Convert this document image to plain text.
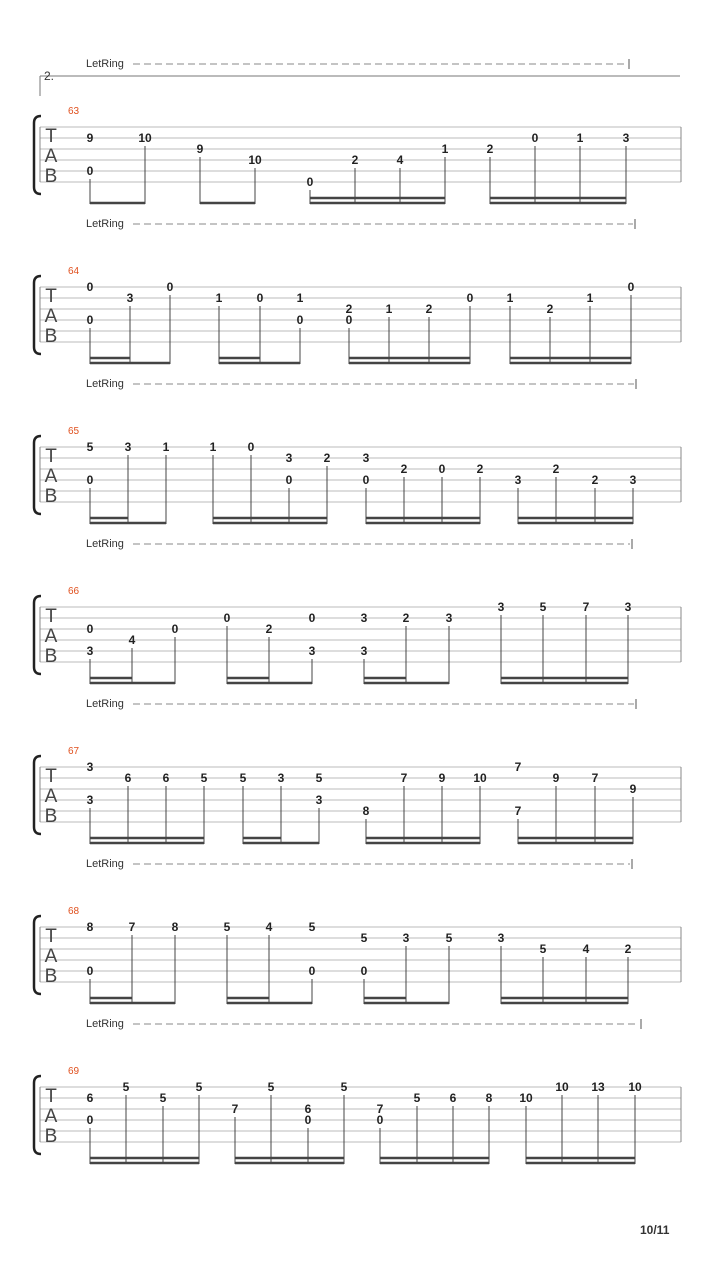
2.
T
A
B
63
LetRing
9
0
10
9
10
0
2	4
1	2
0	1	3
T
A
B
64
LetRing
0
0
3
0
1	0	1
0
2
0
1	2
0	1
2
1
0
T
A
B
65
LetRing
5
0
3	1	1	0
3
0
2	3
0
2	0	2
3
2
2	3
T
A
B
66
LetRing
0
3
4
0
0
2
0
3
3
3
2	3
3	5	7	3
T
A
B
67
LetRing
3
3
6	6	5	5	3	5
3
8
7	9 10
7
7
9	7
9
T
A
B
68
LetRing
8
0
7	8	5	4	5
0
5
0
3	5	3
5	4	2
T
A
B
69
LetRing
6
0
5
5
5
7
5
6
0
5
7
0
5 6 8 10
10 13 10
10/11
